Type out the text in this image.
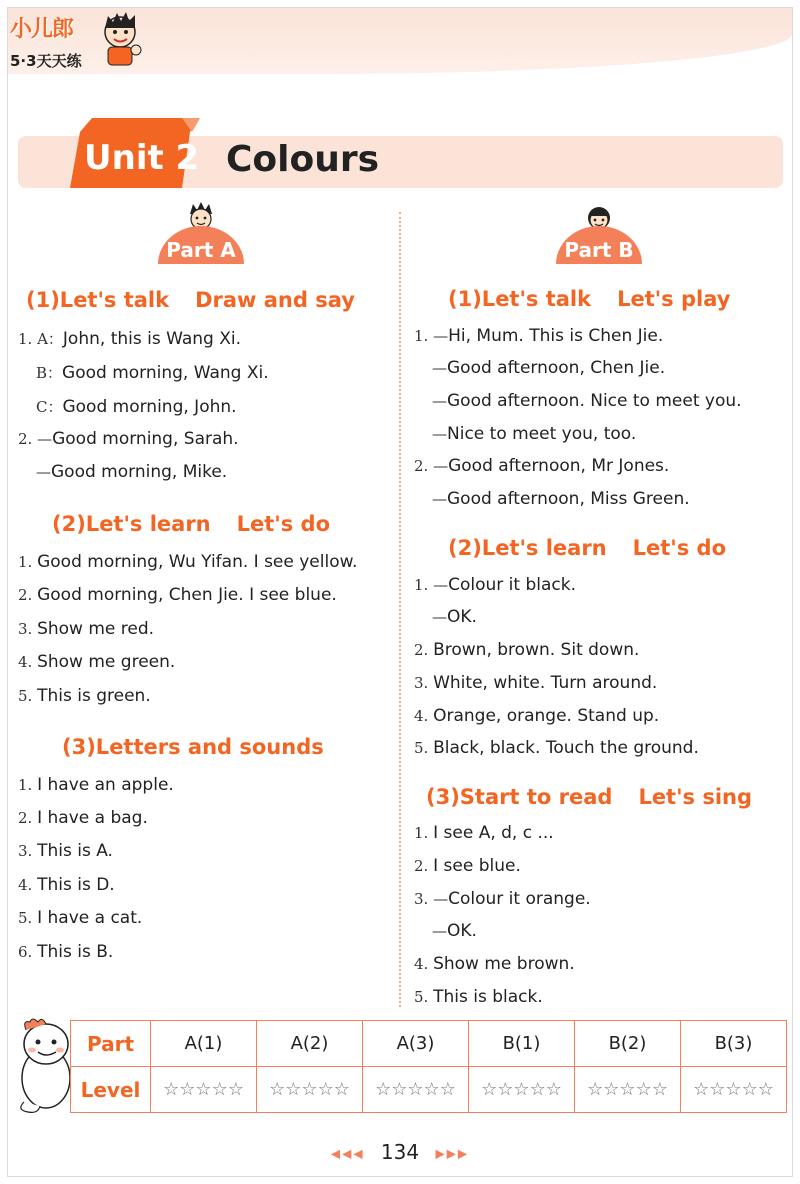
小儿郎
5·3天天练
Unit 2 Colours
Part A	Part B
(1)Let's talk Draw and say
1. A：John, this is Wang Xi.
B：Good morning, Wang Xi.
C：Good morning, John.
2. —Good morning, Sarah.
—Good morning, Mike.
(2)Let's learn Let's do
1. Good morning, Wu Yifan. I see yellow.
2. Good morning, Chen Jie. I see blue.
3. Show me red.
4. Show me green.
5. This is green.
(3)Letters and sounds
1. I have an apple.
2. I have a bag.
3. This is A.
4. This is D.
5. I have a cat.
6. This is B.
(1)Let's talk Let's play
1. —Hi, Mum. This is Chen Jie.
—Good afternoon, Chen Jie.
—Good afternoon. Nice to meet you.
—Nice to meet you, too.
2. —Good afternoon, Mr Jones.
—Good afternoon, Miss Green.
(2)Let's learn Let's do
1. —Colour it black.
—OK.
2. Brown, brown. Sit down.
3. White, white. Turn around.
4. Orange, orange. Stand up.
5. Black, black. Touch the ground.
(3)Start to read Let's sing
1. I see A, d, c ...
2. I see blue.
3. —Colour it orange.
—OK.
4. Show me brown.
5. This is black.
Part	A(1)	A(2)	A(3)	B(1)	B(2)	B(3)
Level	☆☆☆☆☆	☆☆☆☆☆	☆☆☆☆☆	☆☆☆☆☆	☆☆☆☆☆	☆☆☆☆☆
◀◀◀ 134 ▶▶▶
